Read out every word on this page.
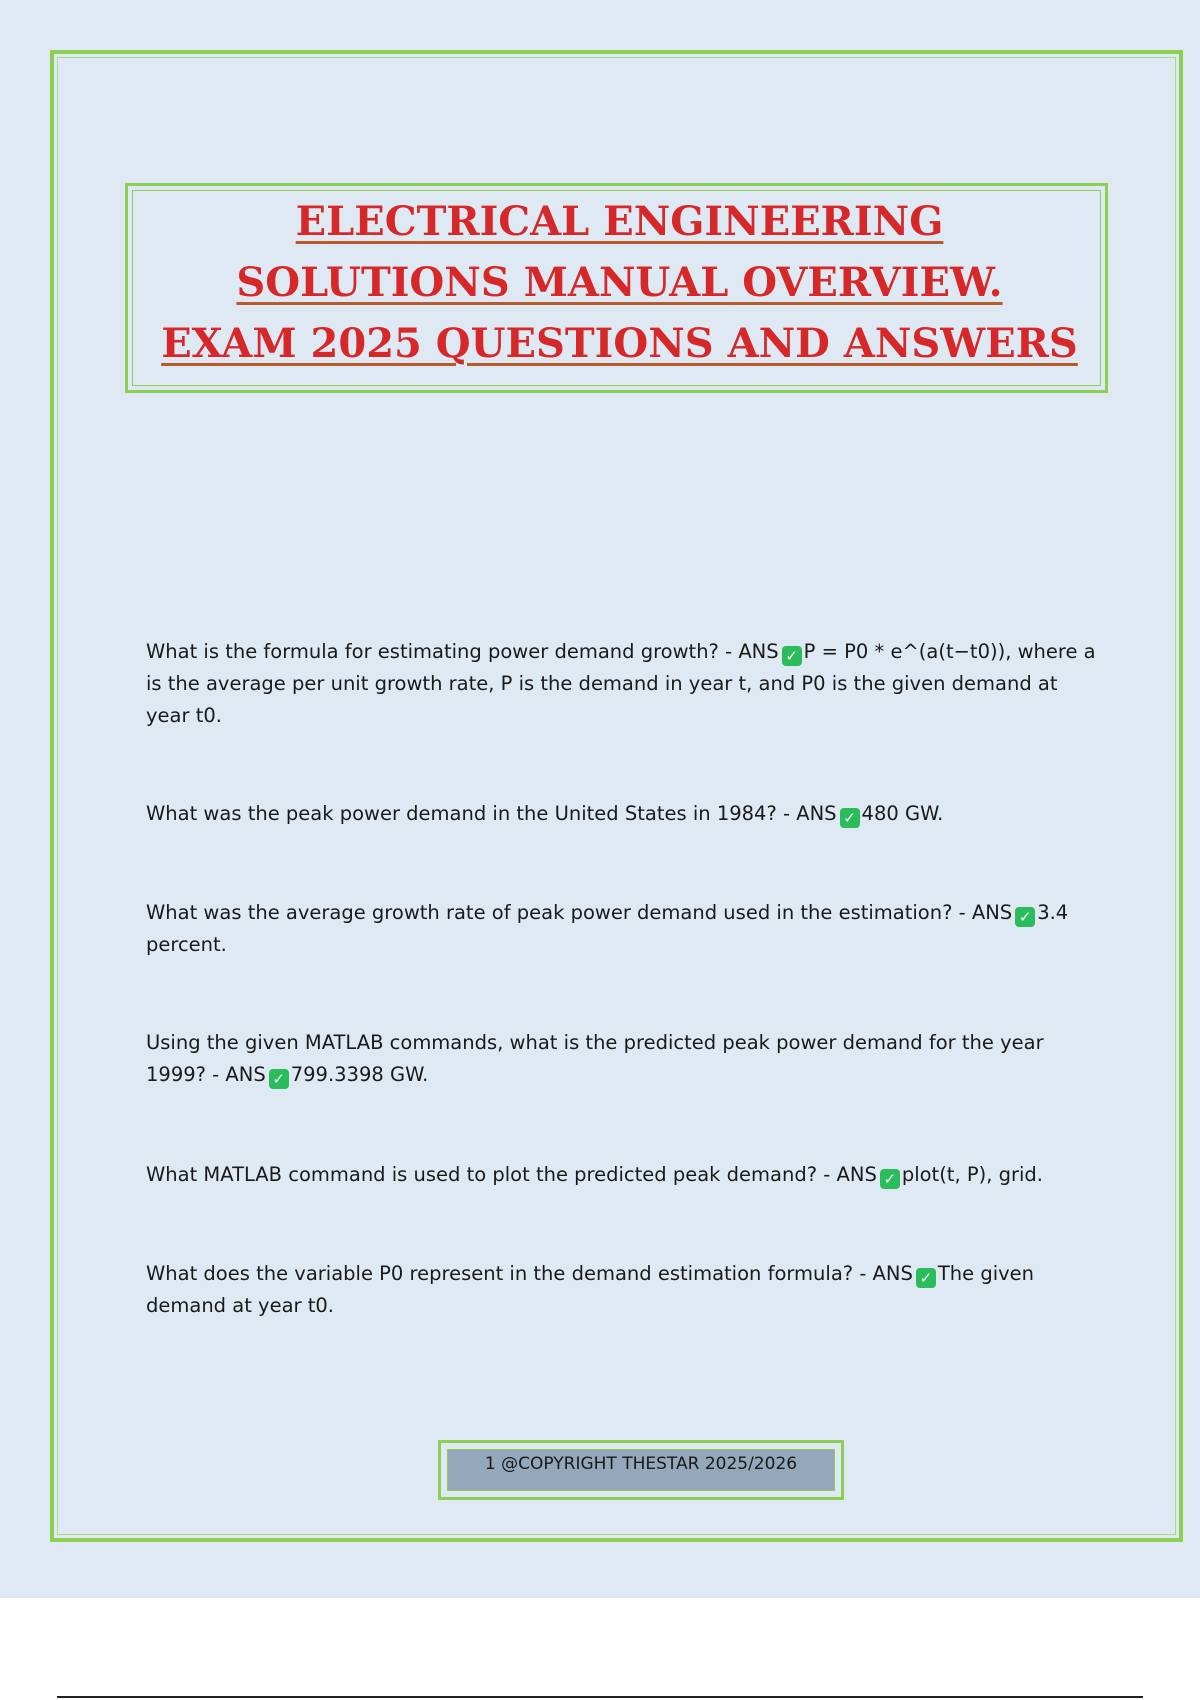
ELECTRICAL ENGINEERING
SOLUTIONS MANUAL OVERVIEW.
EXAM 2025 QUESTIONS AND ANSWERS
What is the formula for estimating power demand growth? - ANS ✓ P = P0 * e^(a(t−t0)), where a is the average per unit growth rate, P is the demand in year t, and P0 is the given demand at year t0.
What was the peak power demand in the United States in 1984? - ANS ✓ 480 GW.
What was the average growth rate of peak power demand used in the estimation? - ANS ✓ 3.4 percent.
Using the given MATLAB commands, what is the predicted peak power demand for the year 1999? - ANS ✓ 799.3398 GW.
What MATLAB command is used to plot the predicted peak demand? - ANS ✓ plot(t, P), grid.
What does the variable P0 represent in the demand estimation formula? - ANS ✓ The given demand at year t0.
1 @COPYRIGHT THESTAR 2025/2026
